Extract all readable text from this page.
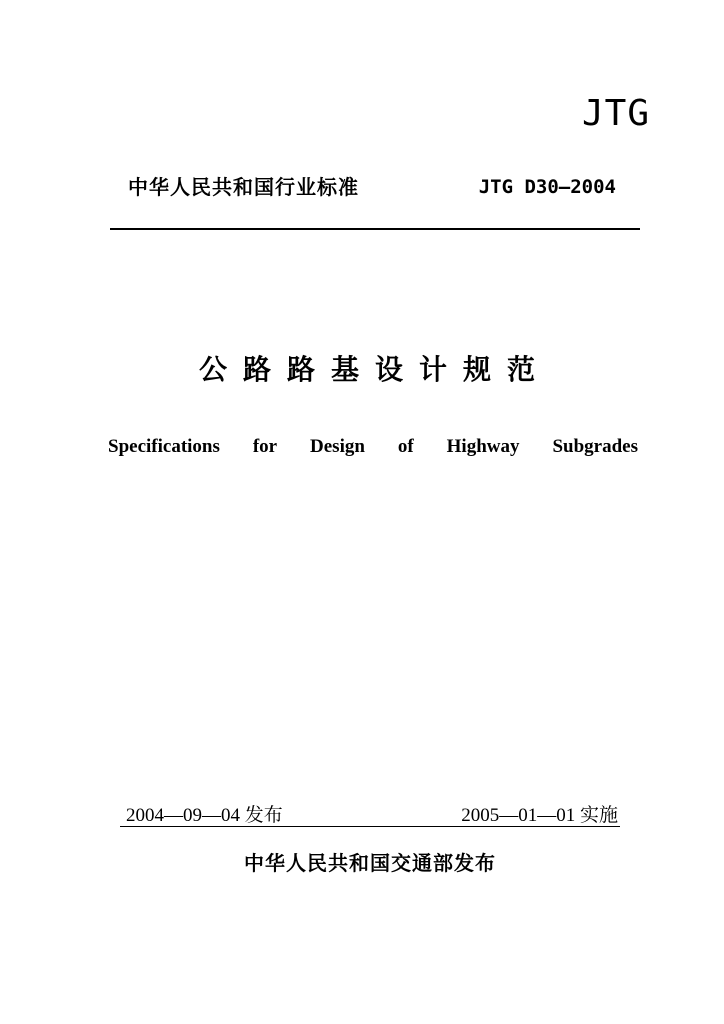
JTG
中华人民共和国行业标准	JTG D30—2004
公路路基设计规范
Specifications for Design of Highway Subgrades
2004—09—04 发布	2005—01—01 实施
中华人民共和国交通部发布
